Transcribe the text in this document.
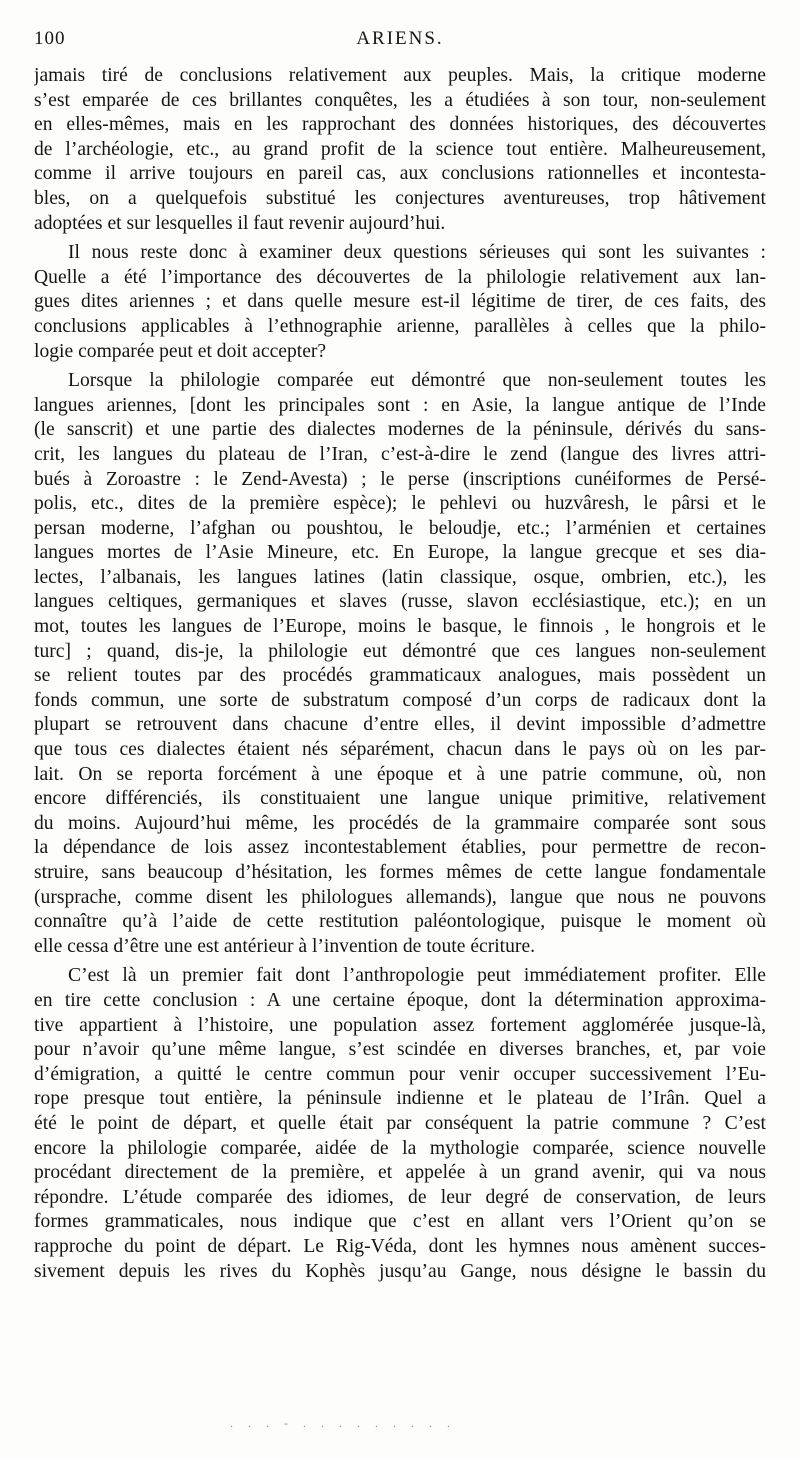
100	ARIENS.
jamais tiré de conclusions relativement aux peuples. Mais, la critique moderne
s’est emparée de ces brillantes conquêtes, les a étudiées à son tour, non-seulement
en elles-mêmes, mais en les rapprochant des données historiques, des découvertes
de l’archéologie, etc., au grand profit de la science tout entière. Malheureusement,
comme il arrive toujours en pareil cas, aux conclusions rationnelles et incontesta-
bles, on a quelquefois substitué les conjectures aventureuses, trop hâtivement
adoptées et sur lesquelles il faut revenir aujourd’hui.
Il nous reste donc à examiner deux questions sérieuses qui sont les suivantes :
Quelle a été l’importance des découvertes de la philologie relativement aux lan-
gues dites ariennes ; et dans quelle mesure est-il légitime de tirer, de ces faits, des
conclusions applicables à l’ethnographie arienne, parallèles à celles que la philo-
logie comparée peut et doit accepter?
Lorsque la philologie comparée eut démontré que non-seulement toutes les
langues ariennes, [dont les principales sont : en Asie, la langue antique de l’Inde
(le sanscrit) et une partie des dialectes modernes de la péninsule, dérivés du sans-
crit, les langues du plateau de l’Iran, c’est-à-dire le zend (langue des livres attri-
bués à Zoroastre : le Zend-Avesta) ; le perse (inscriptions cunéiformes de Persé-
polis, etc., dites de la première espèce); le pehlevi ou huzvâresh, le pârsi et le
persan moderne, l’afghan ou poushtou, le beloudje, etc.; l’arménien et certaines
langues mortes de l’Asie Mineure, etc. En Europe, la langue grecque et ses dia-
lectes, l’albanais, les langues latines (latin classique, osque, ombrien, etc.), les
langues celtiques, germaniques et slaves (russe, slavon ecclésiastique, etc.); en un
mot, toutes les langues de l’Europe, moins le basque, le finnois , le hongrois et le
turc] ; quand, dis-je, la philologie eut démontré que ces langues non-seulement
se relient toutes par des procédés grammaticaux analogues, mais possèdent un
fonds commun, une sorte de substratum composé d’un corps de radicaux dont la
plupart se retrouvent dans chacune d’entre elles, il devint impossible d’admettre
que tous ces dialectes étaient nés séparément, chacun dans le pays où on les par-
lait. On se reporta forcément à une époque et à une patrie commune, où, non
encore différenciés, ils constituaient une langue unique primitive, relativement
du moins. Aujourd’hui même, les procédés de la grammaire comparée sont sous
la dépendance de lois assez incontestablement établies, pour permettre de recon-
struire, sans beaucoup d’hésitation, les formes mêmes de cette langue fondamentale
(ursprache, comme disent les philologues allemands), langue que nous ne pouvons
connaître qu’à l’aide de cette restitution paléontologique, puisque le moment où
elle cessa d’être une est antérieur à l’invention de toute écriture.
C’est là un premier fait dont l’anthropologie peut immédiatement profiter. Elle
en tire cette conclusion : A une certaine époque, dont la détermination approxima-
tive appartient à l’histoire, une population assez fortement agglomérée jusque-là,
pour n’avoir qu’une même langue, s’est scindée en diverses branches, et, par voie
d’émigration, a quitté le centre commun pour venir occuper successivement l’Eu-
rope presque tout entière, la péninsule indienne et le plateau de l’Irân. Quel a
été le point de départ, et quelle était par conséquent la patrie commune ? C’est
encore la philologie comparée, aidée de la mythologie comparée, science nouvelle
procédant directement de la première, et appelée à un grand avenir, qui va nous
répondre. L’étude comparée des idiomes, de leur degré de conservation, de leurs
formes grammaticales, nous indique que c’est en allant vers l’Orient qu’on se
rapproche du point de départ. Le Rig-Véda, dont les hymnes nous amènent succes-
sivement depuis les rives du Kophès jusqu’au Gange, nous désigne le bassin du
. . . - . . . . . . . . .
